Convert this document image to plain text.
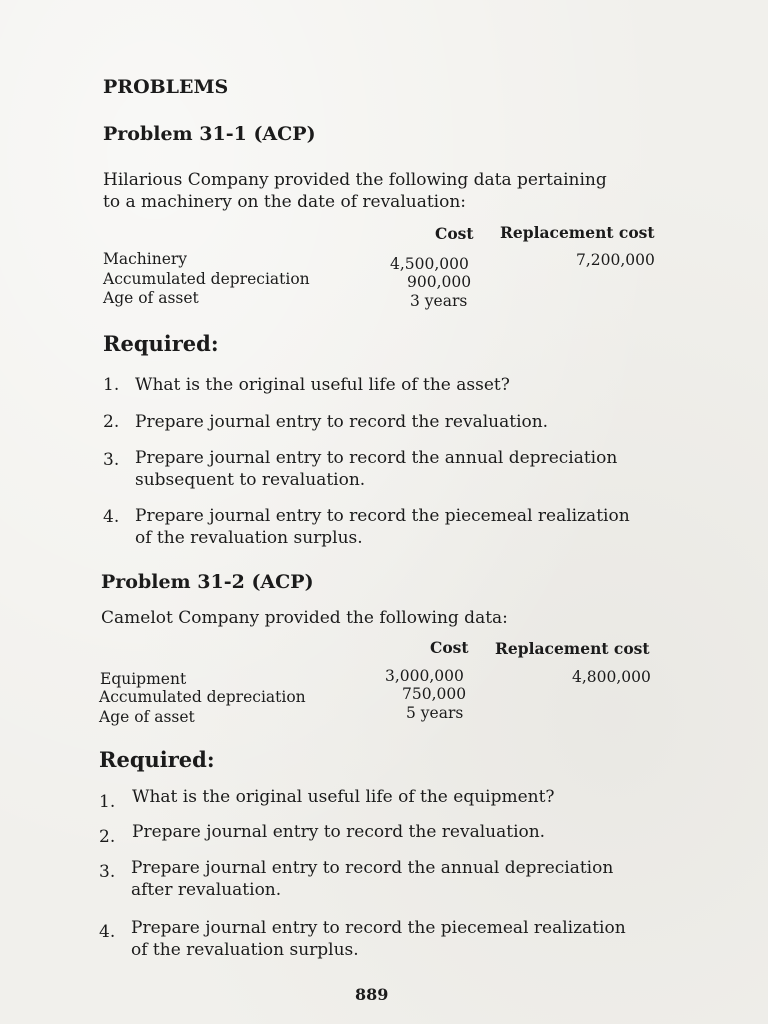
PROBLEMS
Problem 31-1 (ACP)
Hilarious Company provided the following data pertaining
to a machinery on the date of revaluation:
Cost Replacement cost
Machinery	4,500,000	7,200,000
Accumulated depreciation	900,000
Age of asset	3 years
Required:
1. What is the original useful life of the asset?
2. Prepare journal entry to record the revaluation.
3. Prepare journal entry to record the annual depreciation
subsequent to revaluation.
4. Prepare journal entry to record the piecemeal realization
of the revaluation surplus.
Problem 31-2 (ACP)
Camelot Company provided the following data:
Cost Replacement cost
Equipment	3,000,000	4,800,000
Accumulated depreciation	750,000
Age of asset	5 years
Required:
1. What is the original useful life of the equipment?
2. Prepare journal entry to record the revaluation.
3. Prepare journal entry to record the annual depreciation
after revaluation.
4. Prepare journal entry to record the piecemeal realization
of the revaluation surplus.
889
